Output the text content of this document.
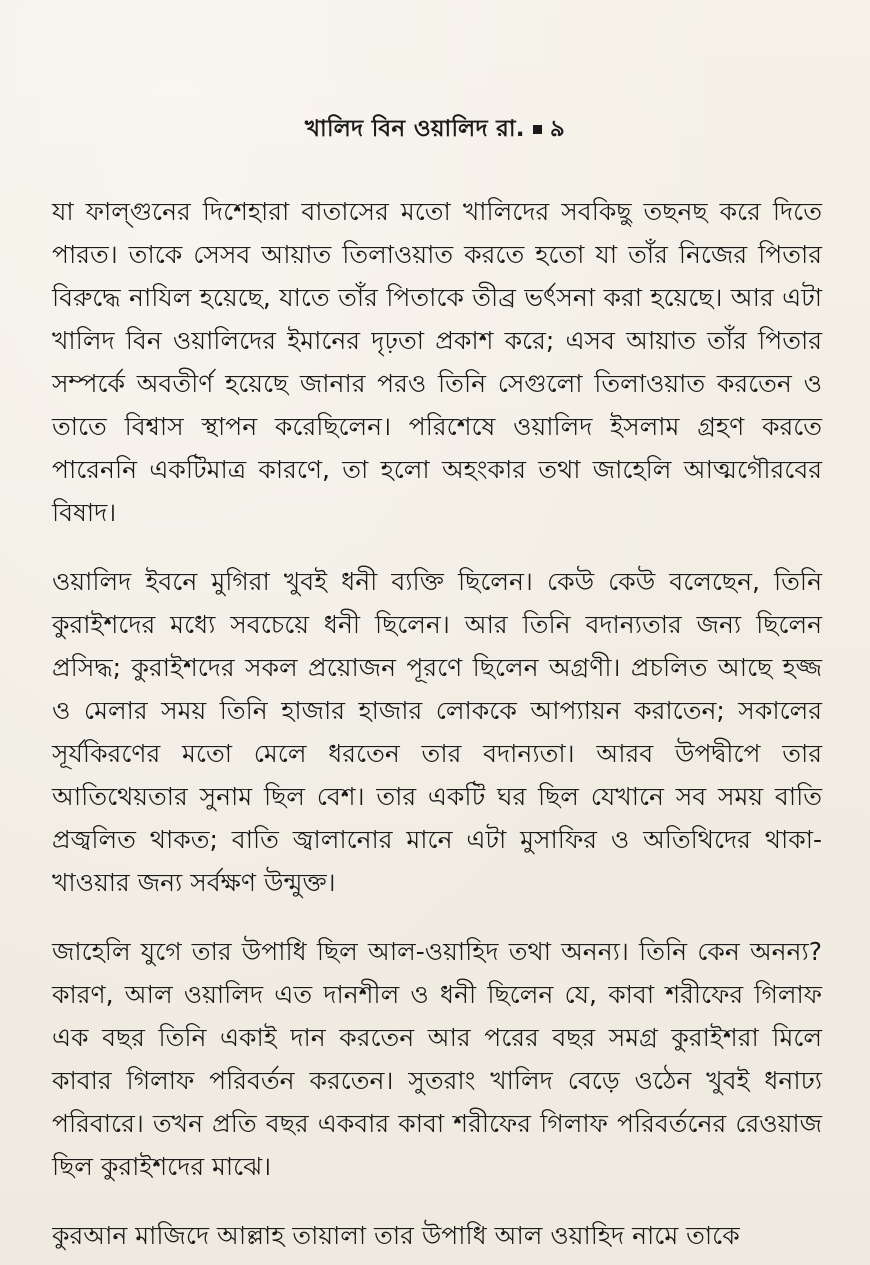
খালিদ বিন ওয়ালিদ রা. ৯

যা ফাল্গুনের দিশেহারা বাতাসের মতো খালিদের সবকিছু তছনছ করে দিতে পারত। তাকে সেসব আয়াত তিলাওয়াত করতে হতো যা তাঁর নিজের পিতার বিরুদ্ধে নাযিল হয়েছে, যাতে তাঁর পিতাকে তীব্র ভর্ৎসনা করা হয়েছে। আর এটা খালিদ বিন ওয়ালিদের ইমানের দৃঢ়তা প্রকাশ করে; এসব আয়াত তাঁর পিতার সম্পর্কে অবতীর্ণ হয়েছে জানার পরও তিনি সেগুলো তিলাওয়াত করতেন ও তাতে বিশ্বাস স্থাপন করেছিলেন। পরিশেষে ওয়ালিদ ইসলাম গ্রহণ করতে পারেননি একটিমাত্র কারণে, তা হলো অহংকার তথা জাহেলি আত্মগৌরবের বিষাদ।

ওয়ালিদ ইবনে মুগিরা খুবই ধনী ব্যক্তি ছিলেন। কেউ কেউ বলেছেন, তিনি কুরাইশদের মধ্যে সবচেয়ে ধনী ছিলেন। আর তিনি বদান্যতার জন্য ছিলেন প্রসিদ্ধ; কুরাইশদের সকল প্রয়োজন পূরণে ছিলেন অগ্রণী। প্রচলিত আছে হজ্জ ও মেলার সময় তিনি হাজার হাজার লোককে আপ্যায়ন করাতেন; সকালের সূর্যকিরণের মতো মেলে ধরতেন তার বদান্যতা। আরব উপদ্বীপে তার আতিথেয়তার সুনাম ছিল বেশ। তার একটি ঘর ছিল যেখানে সব সময় বাতি প্রজ্বলিত থাকত; বাতি জ্বালানোর মানে এটা মুসাফির ও অতিথিদের থাকা-খাওয়ার জন্য সর্বক্ষণ উন্মুক্ত।

জাহেলি যুগে তার উপাধি ছিল আল-ওয়াহিদ তথা অনন্য। তিনি কেন অনন্য? কারণ, আল ওয়ালিদ এত দানশীল ও ধনী ছিলেন যে, কাবা শরীফের গিলাফ এক বছর তিনি একাই দান করতেন আর পরের বছর সমগ্র কুরাইশরা মিলে কাবার গিলাফ পরিবর্তন করতেন। সুতরাং খালিদ বেড়ে ওঠেন খুবই ধনাঢ্য পরিবারে। তখন প্রতি বছর একবার কাবা শরীফের গিলাফ পরিবর্তনের রেওয়াজ ছিল কুরাইশদের মাঝে।

কুরআন মাজিদে আল্লাহ তায়ালা তার উপাধি আল ওয়াহিদ নামে তাকে
